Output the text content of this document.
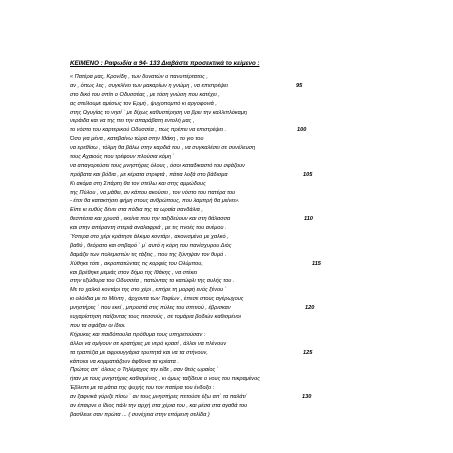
ΚΕΙΜΕΝΟ : Ραψωδία α 94- 133 Διαβάστε προσεκτικά το κείμενο :
« Πατέρα μας, Κρονίδη , των δυνατών ο πανυπέρτατος ,
αν , όπως λες , συγκλίνει των μακαρίων η γνώμη , να επιστρέψει	95
στο δικό του σπίτι ο Οδυσσέας , με τόση γνώση που κατέχει ,
ας στείλουμε αμέσως τον Ερμή , ψυχοπομπό κι αργοφονιά ,
στης Ωγυγίας το νησί ` με δίχως καθυστέρηση να βρει την καλλιπλόκαμη
νεράιδα και να της πει την απαράβατη εντολή μας ,
το νόστο του καρτερικού Οδυσσέα , πως πρέπει να επιστρέψει .	100
Όσο για μένα , κατεβαίνω τώρα στην Ιθάκη , το γιο του
να ερεθίσω , τόλμη θα βάλω στην καρδιά του , να συγκαλέσει σε συνέλευση
τους Αχαιούς που τρέφουν πλούσια κόμη `
να απαγορεύσει τους μνηστήρες όλους , όσοι καταδικαστό του σφάζουν
πρόβατα και βόδια , με κέρατα στριφτά , πάτια λοξά στο βάδισμα	105
Κι ακόμα στη Σπάρτη θα τον στείλω και στης αμμώδους
της Πύλου , να μάθει, αν κάπου ακούσει , τον νόστο του πατέρα του
- έτσι θα κατακτήσει φήμη στους ανθρώπους, που λαμπρή θα μείνει».
Είπε κι ευθύς δένει στα πόδια της τα ωραία σανδάλια ,
θεσπέσια και χρυσά , εκείνα που την ταξιδεύουν και στη θάλασσα	110
και στην απέραντη στεριά αναλαφριά , με τις πνοές του ανέμου .
Ύστερα στο χέρι κράτησε άλκιμο κοντάρι , ακονισμένο με χαλκό ,
βαθύ , θεόρατο και στιβαρό ` μ` αυτό η κόρη του πανίσχυρου Διός
δαμάζει των πολεμιστών τις τάξεις , που της ξύνηψαν τον θυμό .
Χύθηκε τότε , ακροπατώντας τις κορφές του Ολύμπου,	115
και βρέθηκε μεμιάς στον δήμο της Ιθάκης , να στέκει
στην εξώθυρα του Οδυσσέα , πατώντας το κατώφλι της αυλής του .
Με το χαλκό κοντάρι της στο χέρι , επήρε τη μορφή ενός ξένου `
κι ολόιδια με το Μέντη , άρχοντα των Ταφίων , έπεσε στους αγέρωχους
μνηστήρες ` που εκεί , μπροστά στις πύλες του σπιτιού , έβρισκαν	120
ευχαρίστηση παίζοντας τους πεσσούς , σε τομάρια βοδιών καθισμένοι
που τα σφάξαν οι ίδιοι.
Κήρυκες και παιδόπουλα πρόθυμα τους υπηρετούσαν :
άλλοι να σμίγουν σε κρατήρες με νερό κρασί , άλλοι να πλένουν
τα τραπέζια με αφρουγγάρια τρυπητά και να τα στήνουν,	125
κάποιοι να κομματιάζουν άφθονα τα κρέατα .
Πρώτος απ` όλους ο Τηλέμαχος την είδε , σαν θεός ωραίος `
ήταν με τους μνηστήρες καθισμένος , κι όμως ταξίδευε ο νους του πικραμένος
Έβλεπε με τα μάτια της ψυχής του τον πατέρα του ένδοξο :
αν ξαφνικά γύριζε πίσω ` αν τους μνηστήρες πετούσε έξω απ` τα παλάτι`	130
αν έπαιρνε ο ίδιος πάλι την αρχή στα χέρια του , και μέσα στα αγαθά του
βασίλευε σαν πρώτα ... ( συνέχεια στην επόμενη σελίδα )
